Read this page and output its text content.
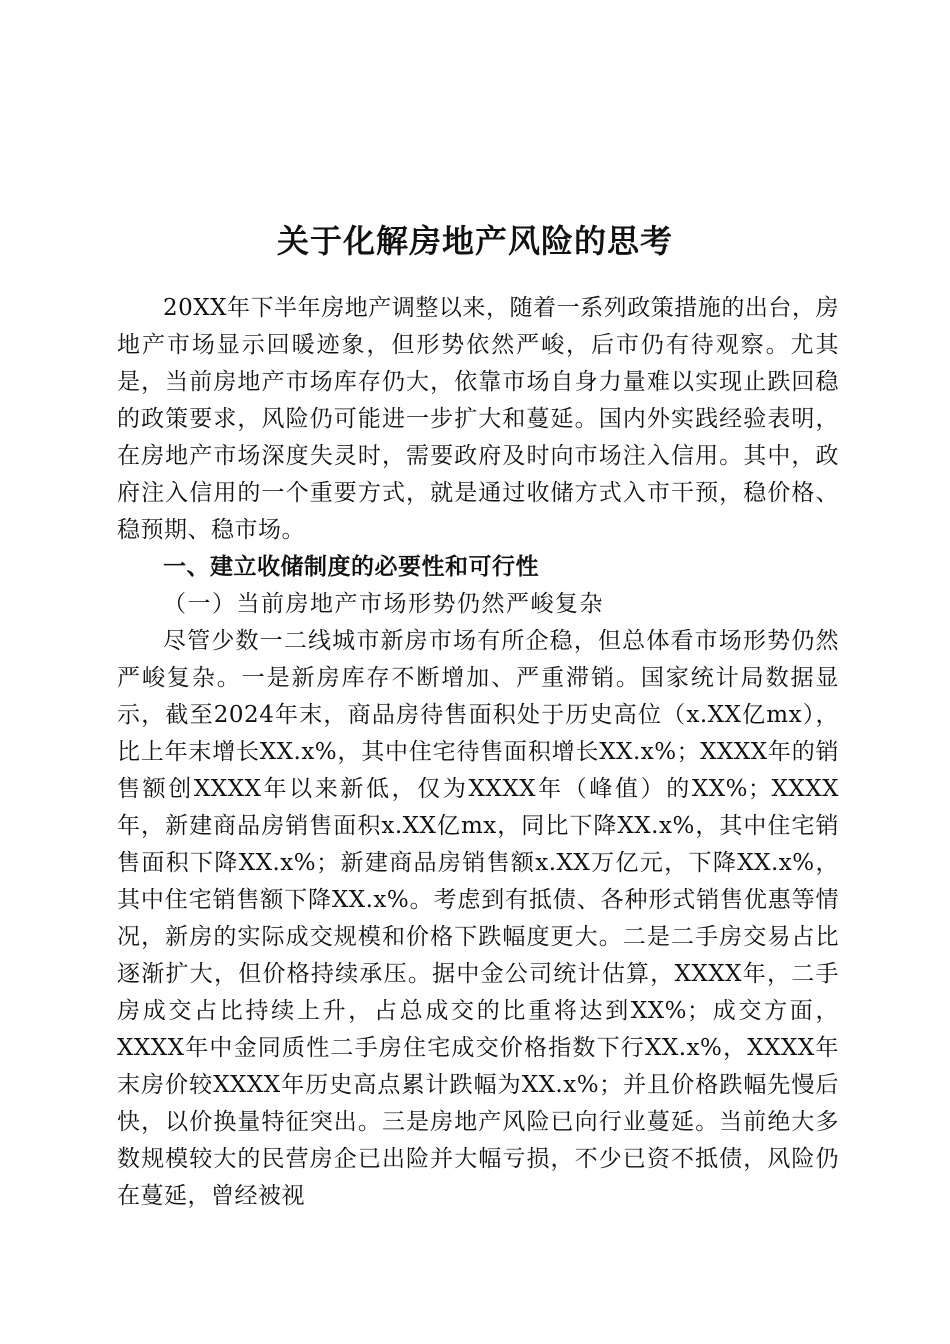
关于化解房地产风险的思考

20XX年下半年房地产调整以来，随着一系列政策措施的出台，房地产市场显示回暖迹象，但形势依然严峻，后市仍有待观察。尤其是，当前房地产市场库存仍大，依靠市场自身力量难以实现止跌回稳的政策要求，风险仍可能进一步扩大和蔓延。国内外实践经验表明，在房地产市场深度失灵时，需要政府及时向市场注入信用。其中，政府注入信用的一个重要方式，就是通过收储方式入市干预，稳价格、稳预期、稳市场。

一、建立收储制度的必要性和可行性

（一）当前房地产市场形势仍然严峻复杂

尽管少数一二线城市新房市场有所企稳，但总体看市场形势仍然严峻复杂。一是新房库存不断增加、严重滞销。国家统计局数据显示，截至2024年末，商品房待售面积处于历史高位（x.XX亿mx），比上年末增长XX.x%，其中住宅待售面积增长XX.x%；XXXX年的销售额创XXXX年以来新低，仅为XXXX年（峰值）的XX%；XXXX年，新建商品房销售面积x.XX亿mx，同比下降XX.x%，其中住宅销售面积下降XX.x%；新建商品房销售额x.XX万亿元，下降XX.x%，其中住宅销售额下降XX.x%。考虑到有抵债、各种形式销售优惠等情况，新房的实际成交规模和价格下跌幅度更大。二是二手房交易占比逐渐扩大，但价格持续承压。据中金公司统计估算，XXXX年，二手房成交占比持续上升，占总成交的比重将达到XX%；成交方面，XXXX年中金同质性二手房住宅成交价格指数下行XX.x%，XXXX年末房价较XXXX年历史高点累计跌幅为XX.x%；并且价格跌幅先慢后快，以价换量特征突出。三是房地产风险已向行业蔓延。当前绝大多数规模较大的民营房企已出险并大幅亏损，不少已资不抵债，风险仍在蔓延，曾经被视
